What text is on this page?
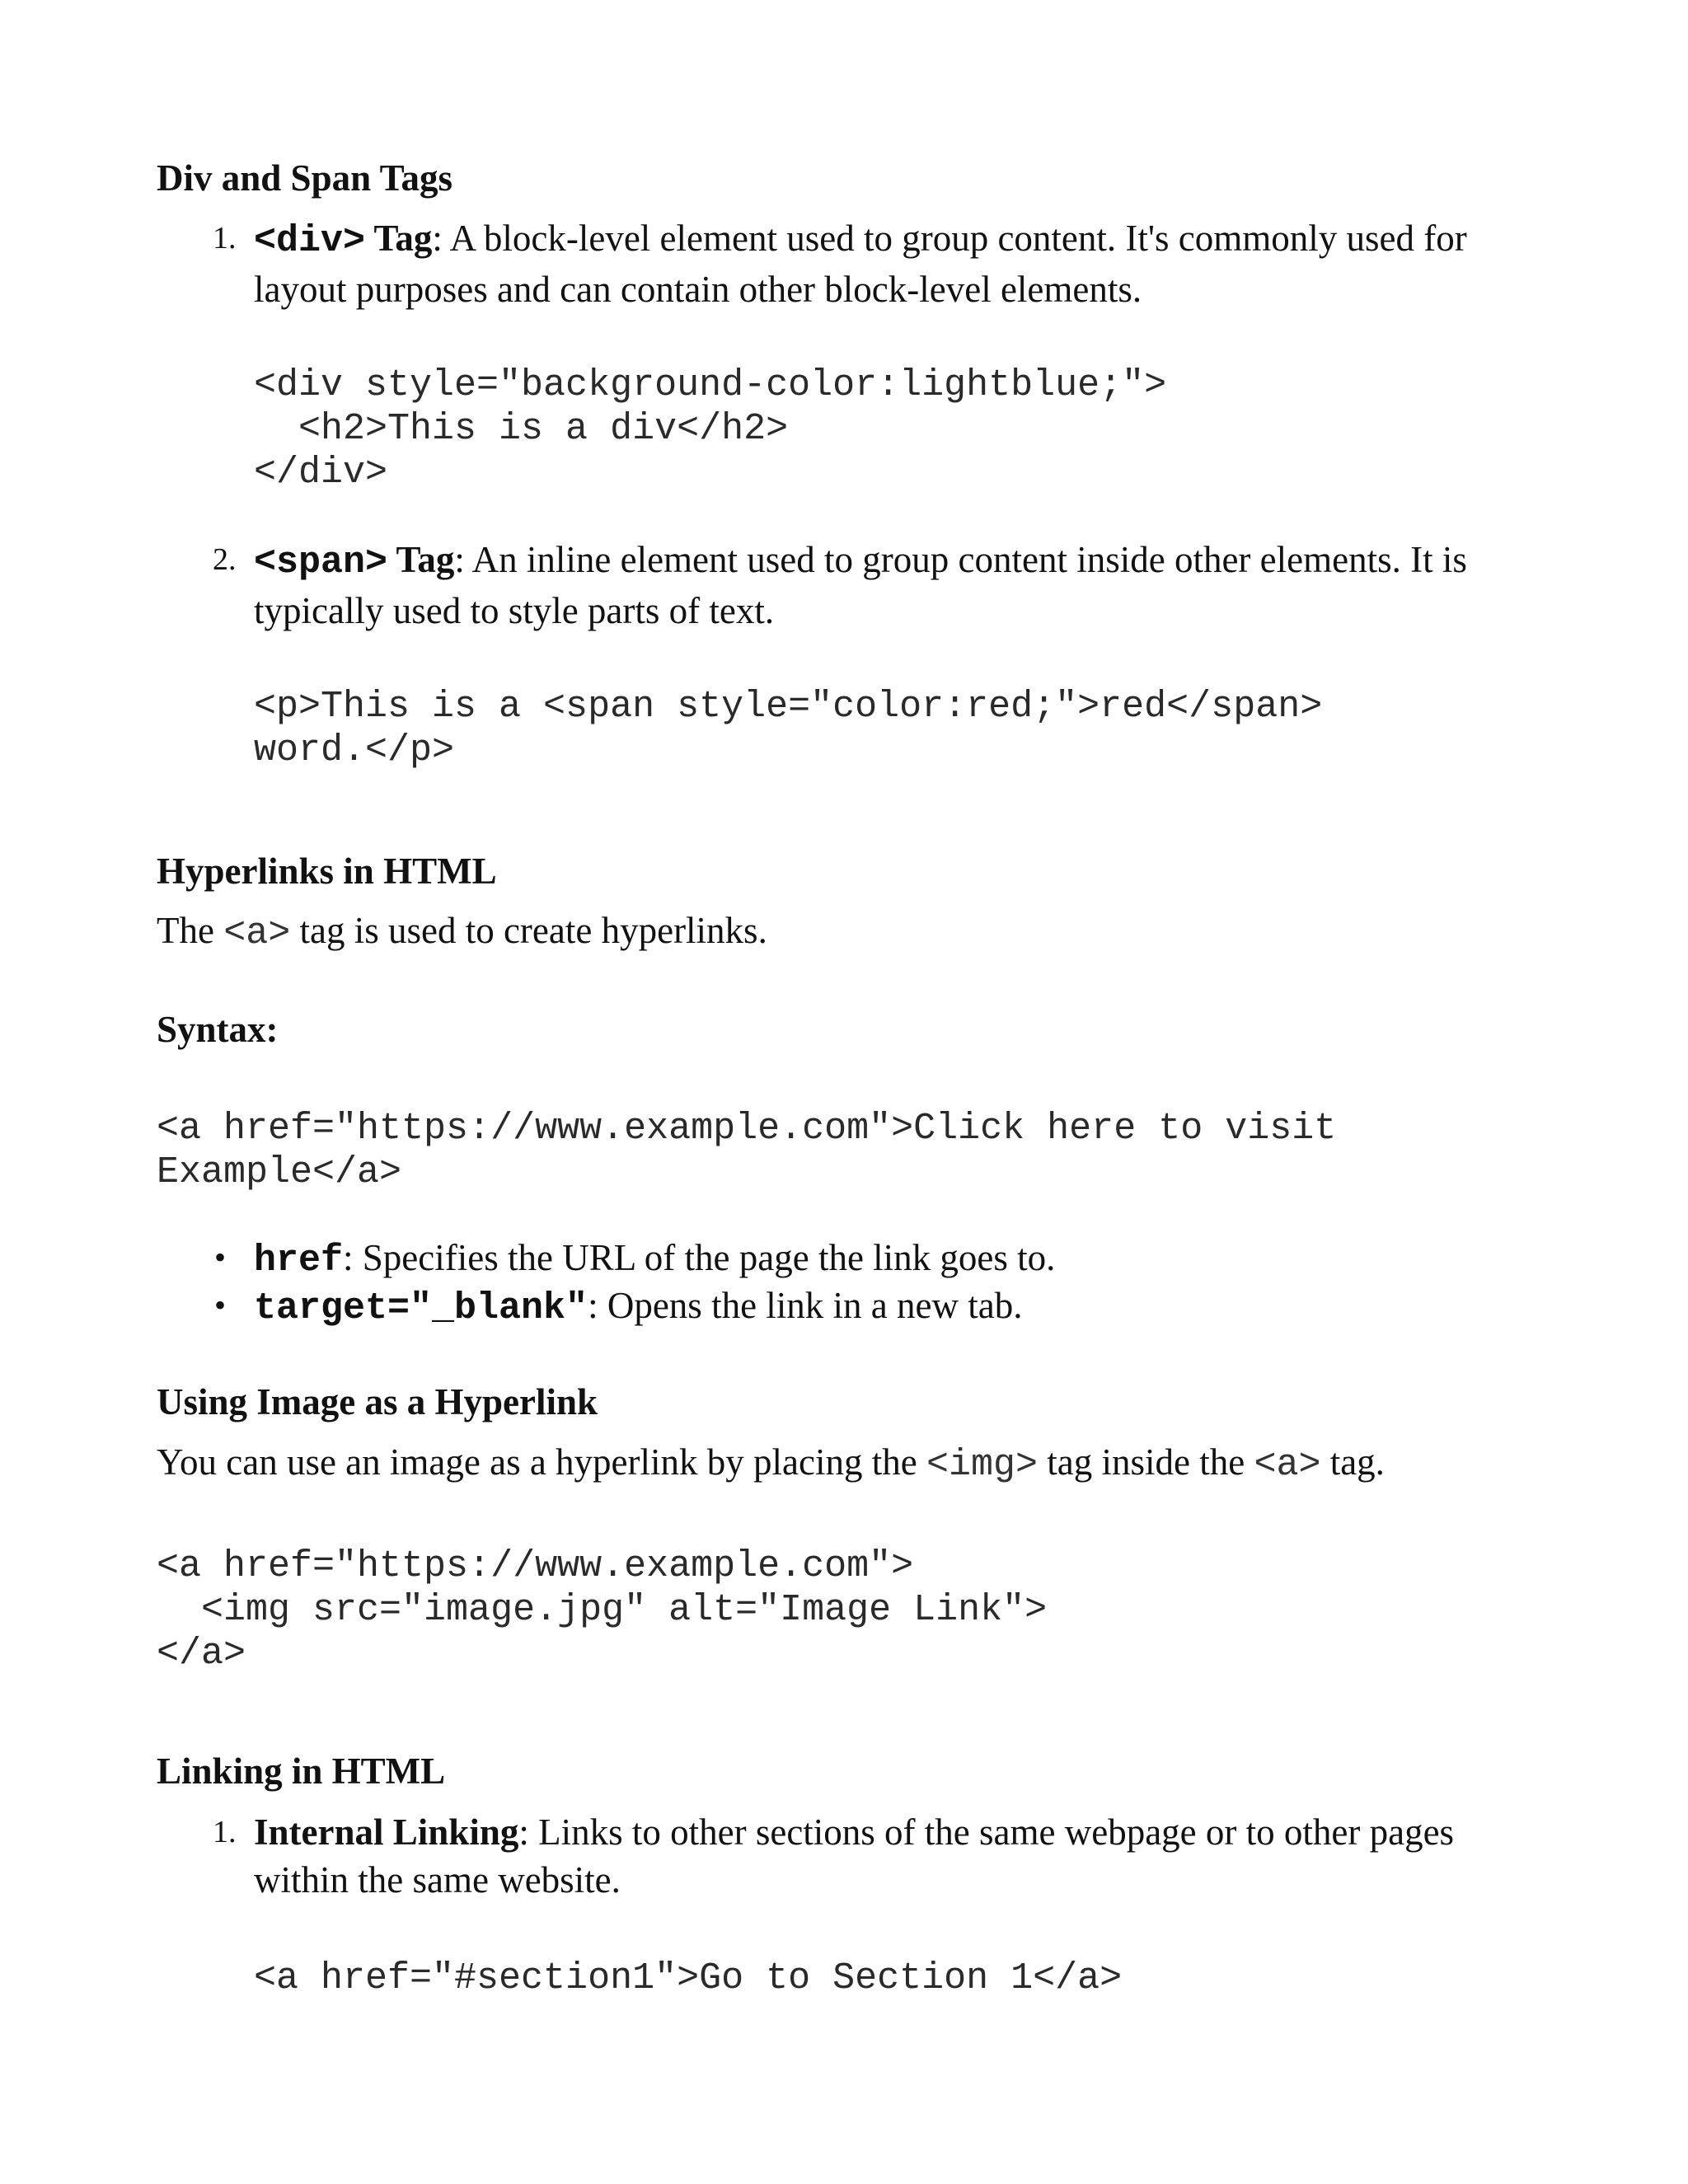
Div and Span Tags
1. <div> Tag: A block-level element used to group content. It's commonly used for
layout purposes and can contain other block-level elements.
<div style="background-color:lightblue;">
<h2>This is a div</h2>
</div>
2. <span> Tag: An inline element used to group content inside other elements. It is
typically used to style parts of text.
<p>This is a <span style="color:red;">red</span>
word.</p>
Hyperlinks in HTML

The <a> tag is used to create hyperlinks.

Syntax:
<a href="https://www.example.com">Click here to visit
Example</a>
• href: Specifies the URL of the page the link goes to.
• target="_blank": Opens the link in a new tab.
Using Image as a Hyperlink

You can use an image as a hyperlink by placing the <img> tag inside the <a> tag.

<a href="https://www.example.com">
<img src="image.jpg" alt="Image Link">
</a>
Linking in HTML
1. Internal Linking: Links to other sections of the same webpage or to other pages
within the same website.
<a href="#section1">Go to Section 1</a>
